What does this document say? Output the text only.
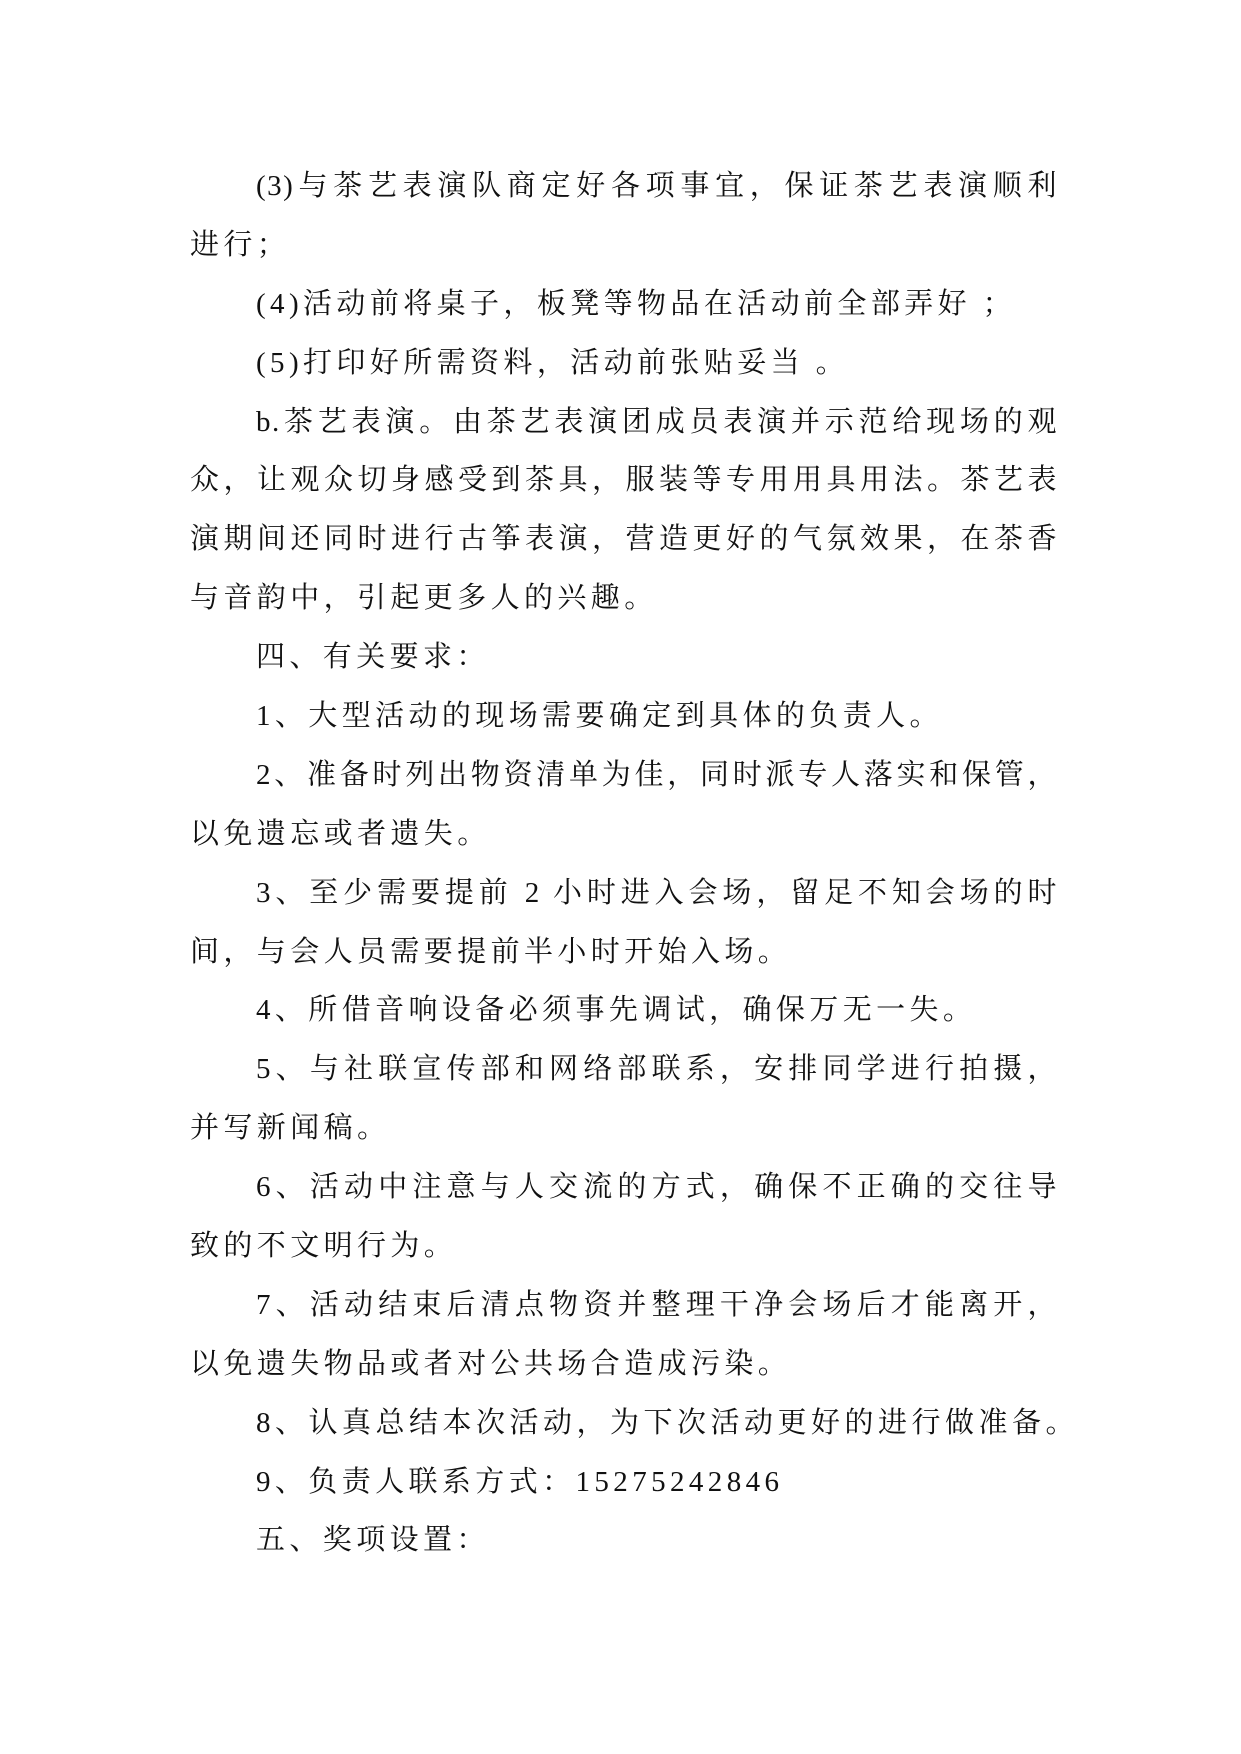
(3)与茶艺表演队商定好各项事宜，保证茶艺表演顺利
进行；
(4)活动前将桌子，板凳等物品在活动前全部弄好 ；
(5)打印好所需资料，活动前张贴妥当 。
b.茶艺表演。由茶艺表演团成员表演并示范给现场的观
众，让观众切身感受到茶具，服装等专用用具用法。茶艺表
演期间还同时进行古筝表演，营造更好的气氛效果，在茶香
与音韵中，引起更多人的兴趣。
四、有关要求：
1、大型活动的现场需要确定到具体的负责人。
2、准备时列出物资清单为佳，同时派专人落实和保管，
以免遗忘或者遗失。
3、至少需要提前 2 小时进入会场，留足不知会场的时
间，与会人员需要提前半小时开始入场。
4、所借音响设备必须事先调试，确保万无一失。
5、与社联宣传部和网络部联系，安排同学进行拍摄，
并写新闻稿。
6、活动中注意与人交流的方式，确保不正确的交往导
致的不文明行为。
7、活动结束后清点物资并整理干净会场后才能离开，
以免遗失物品或者对公共场合造成污染。
8、认真总结本次活动，为下次活动更好的进行做准备。
9、负责人联系方式：15275242846
五、奖项设置：
